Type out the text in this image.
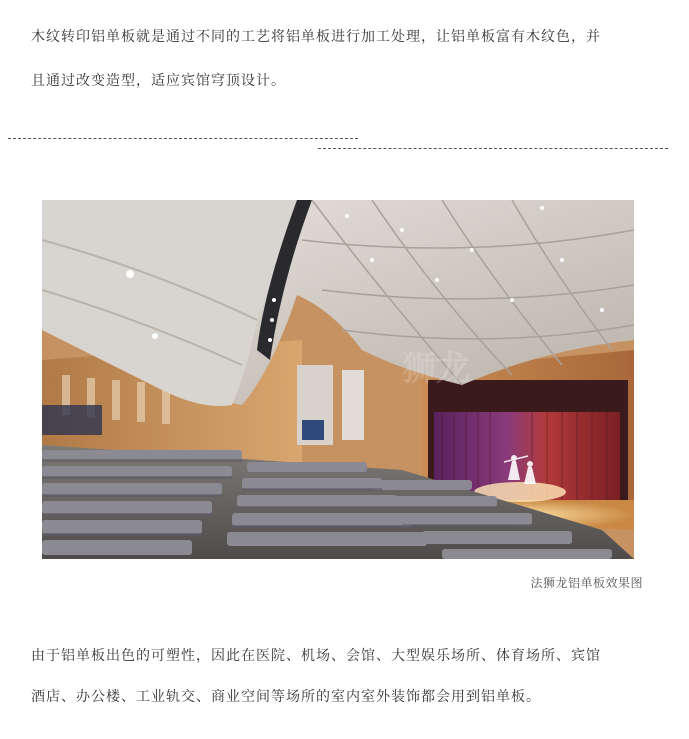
木纹转印铝单板就是通过不同的工艺将铝单板进行加工处理，让铝单板富有木纹色，并
且通过改变造型，适应宾馆穹顶设计。
狮龙
法狮龙铝单板效果图
由于铝单板出色的可塑性，因此在医院、机场、会馆、大型娱乐场所、体育场所、宾馆
酒店、办公楼、工业轨交、商业空间等场所的室内室外装饰都会用到铝单板。
